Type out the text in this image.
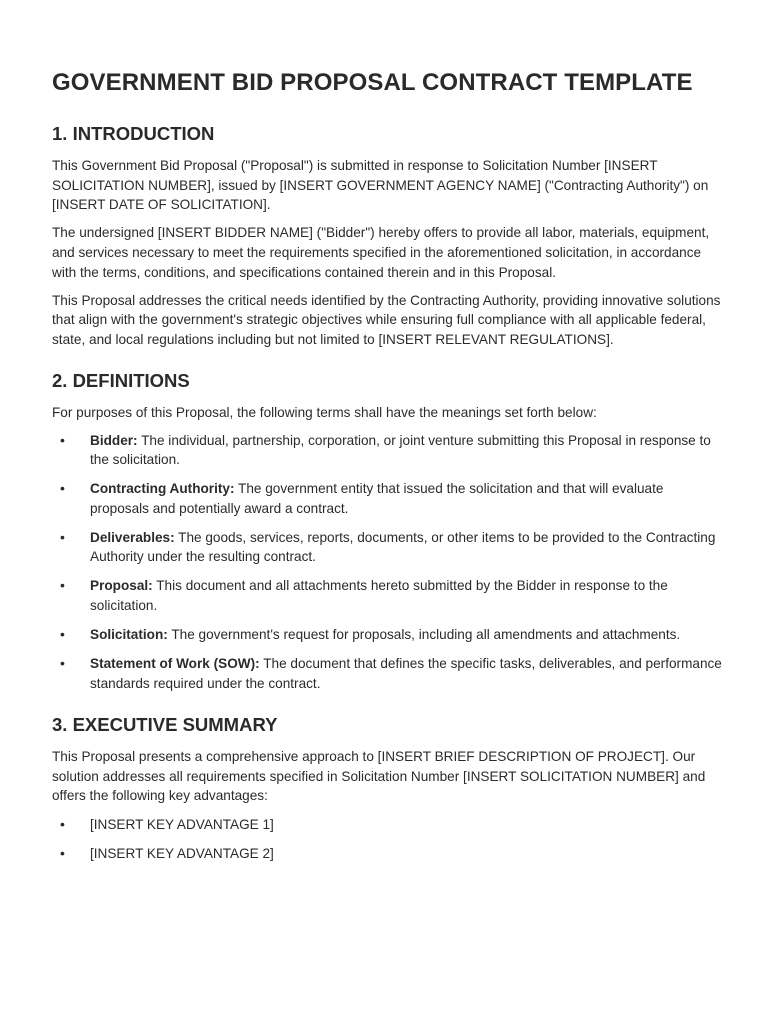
GOVERNMENT BID PROPOSAL CONTRACT TEMPLATE
1. INTRODUCTION

This Government Bid Proposal ("Proposal") is submitted in response to Solicitation Number [INSERT SOLICITATION NUMBER], issued by [INSERT GOVERNMENT AGENCY NAME] ("Contracting Authority") on [INSERT DATE OF SOLICITATION].

The undersigned [INSERT BIDDER NAME] ("Bidder") hereby offers to provide all labor, materials, equipment, and services necessary to meet the requirements specified in the aforementioned solicitation, in accordance with the terms, conditions, and specifications contained therein and in this Proposal.

This Proposal addresses the critical needs identified by the Contracting Authority, providing innovative solutions that align with the government's strategic objectives while ensuring full compliance with all applicable federal, state, and local regulations including but not limited to [INSERT RELEVANT REGULATIONS].

2. DEFINITIONS

For purposes of this Proposal, the following terms shall have the meanings set forth below:

• Bidder: The individual, partnership, corporation, or joint venture submitting this Proposal in response to the solicitation.
• Contracting Authority: The government entity that issued the solicitation and that will evaluate proposals and potentially award a contract.
• Deliverables: The goods, services, reports, documents, or other items to be provided to the Contracting Authority under the resulting contract.
• Proposal: This document and all attachments hereto submitted by the Bidder in response to the solicitation.
• Solicitation: The government's request for proposals, including all amendments and attachments.
• Statement of Work (SOW): The document that defines the specific tasks, deliverables, and performance standards required under the contract.
3. EXECUTIVE SUMMARY

This Proposal presents a comprehensive approach to [INSERT BRIEF DESCRIPTION OF PROJECT]. Our solution addresses all requirements specified in Solicitation Number [INSERT SOLICITATION NUMBER] and offers the following key advantages:

• [INSERT KEY ADVANTAGE 1]
• [INSERT KEY ADVANTAGE 2]
